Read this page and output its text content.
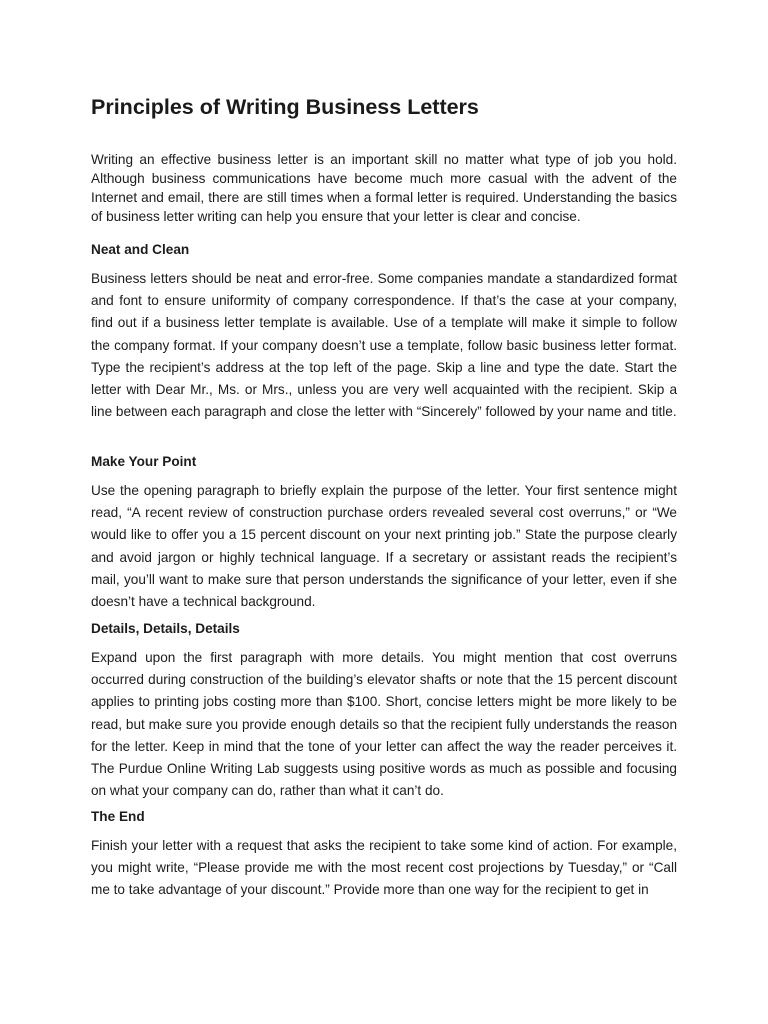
Principles of Writing Business Letters

Writing an effective business letter is an important skill no matter what type of job you hold. Although business communications have become much more casual with the advent of the Internet and email, there are still times when a formal letter is required. Understanding the basics of business letter writing can help you ensure that your letter is clear and concise.

Neat and Clean

Business letters should be neat and error-free. Some companies mandate a standardized format and font to ensure uniformity of company correspondence. If that’s the case at your company, find out if a business letter template is available. Use of a template will make it simple to follow the company format. If your company doesn’t use a template, follow basic business letter format. Type the recipient’s address at the top left of the page. Skip a line and type the date. Start the letter with Dear Mr., Ms. or Mrs., unless you are very well acquainted with the recipient. Skip a line between each paragraph and close the letter with “Sincerely” followed by your name and title.

Make Your Point

Use the opening paragraph to briefly explain the purpose of the letter. Your first sentence might read, “A recent review of construction purchase orders revealed several cost overruns,” or “We would like to offer you a 15 percent discount on your next printing job.” State the purpose clearly and avoid jargon or highly technical language. If a secretary or assistant reads the recipient’s mail, you’ll want to make sure that person understands the significance of your letter, even if she doesn’t have a technical background.

Details, Details, Details

Expand upon the first paragraph with more details. You might mention that cost overruns occurred during construction of the building’s elevator shafts or note that the 15 percent discount applies to printing jobs costing more than $100. Short, concise letters might be more likely to be read, but make sure you provide enough details so that the recipient fully understands the reason for the letter. Keep in mind that the tone of your letter can affect the way the reader perceives it. The Purdue Online Writing Lab suggests using positive words as much as possible and focusing on what your company can do, rather than what it can’t do.

The End

Finish your letter with a request that asks the recipient to take some kind of action. For example, you might write, “Please provide me with the most recent cost projections by Tuesday,” or “Call me to take advantage of your discount.” Provide more than one way for the recipient to get in
